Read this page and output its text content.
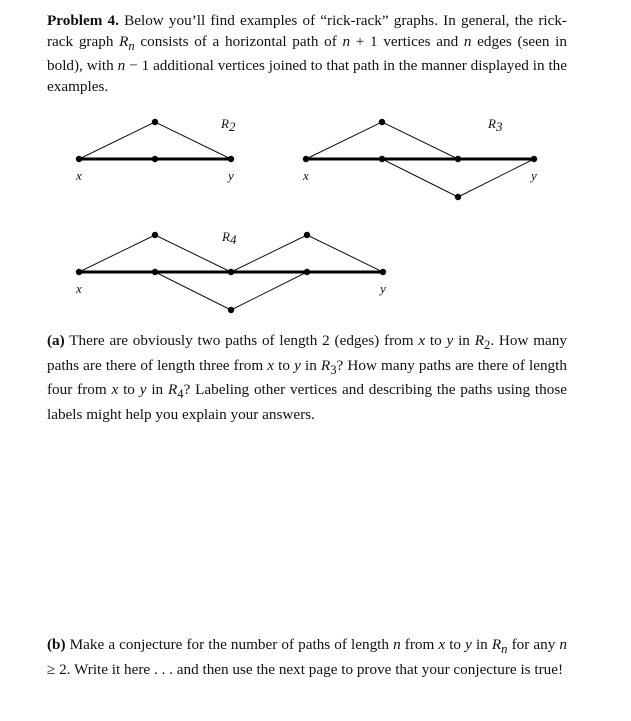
Problem 4. Below you’ll find examples of “rick-rack” graphs. In general, the rick-rack graph $R_n$ consists of a horizontal path of n + 1 vertices and n edges (seen in bold), with n − 1 additional vertices joined to that path in the manner displayed in the examples.

R2
x	y
R3
x	y
R4
x	y

(a) There are obviously two paths of length 2 (edges) from x to y in $R_2$. How many paths are there of length three from x to y in $R_3$? How many paths are there of length four from x to y in $R_4$? Labeling other vertices and describing the paths using those labels might help you explain your answers.

(b) Make a conjecture for the number of paths of length n from x to y in $R_n$ for any n ≥ 2. Write it here . . . and then use the next page to prove that your conjecture is true!
